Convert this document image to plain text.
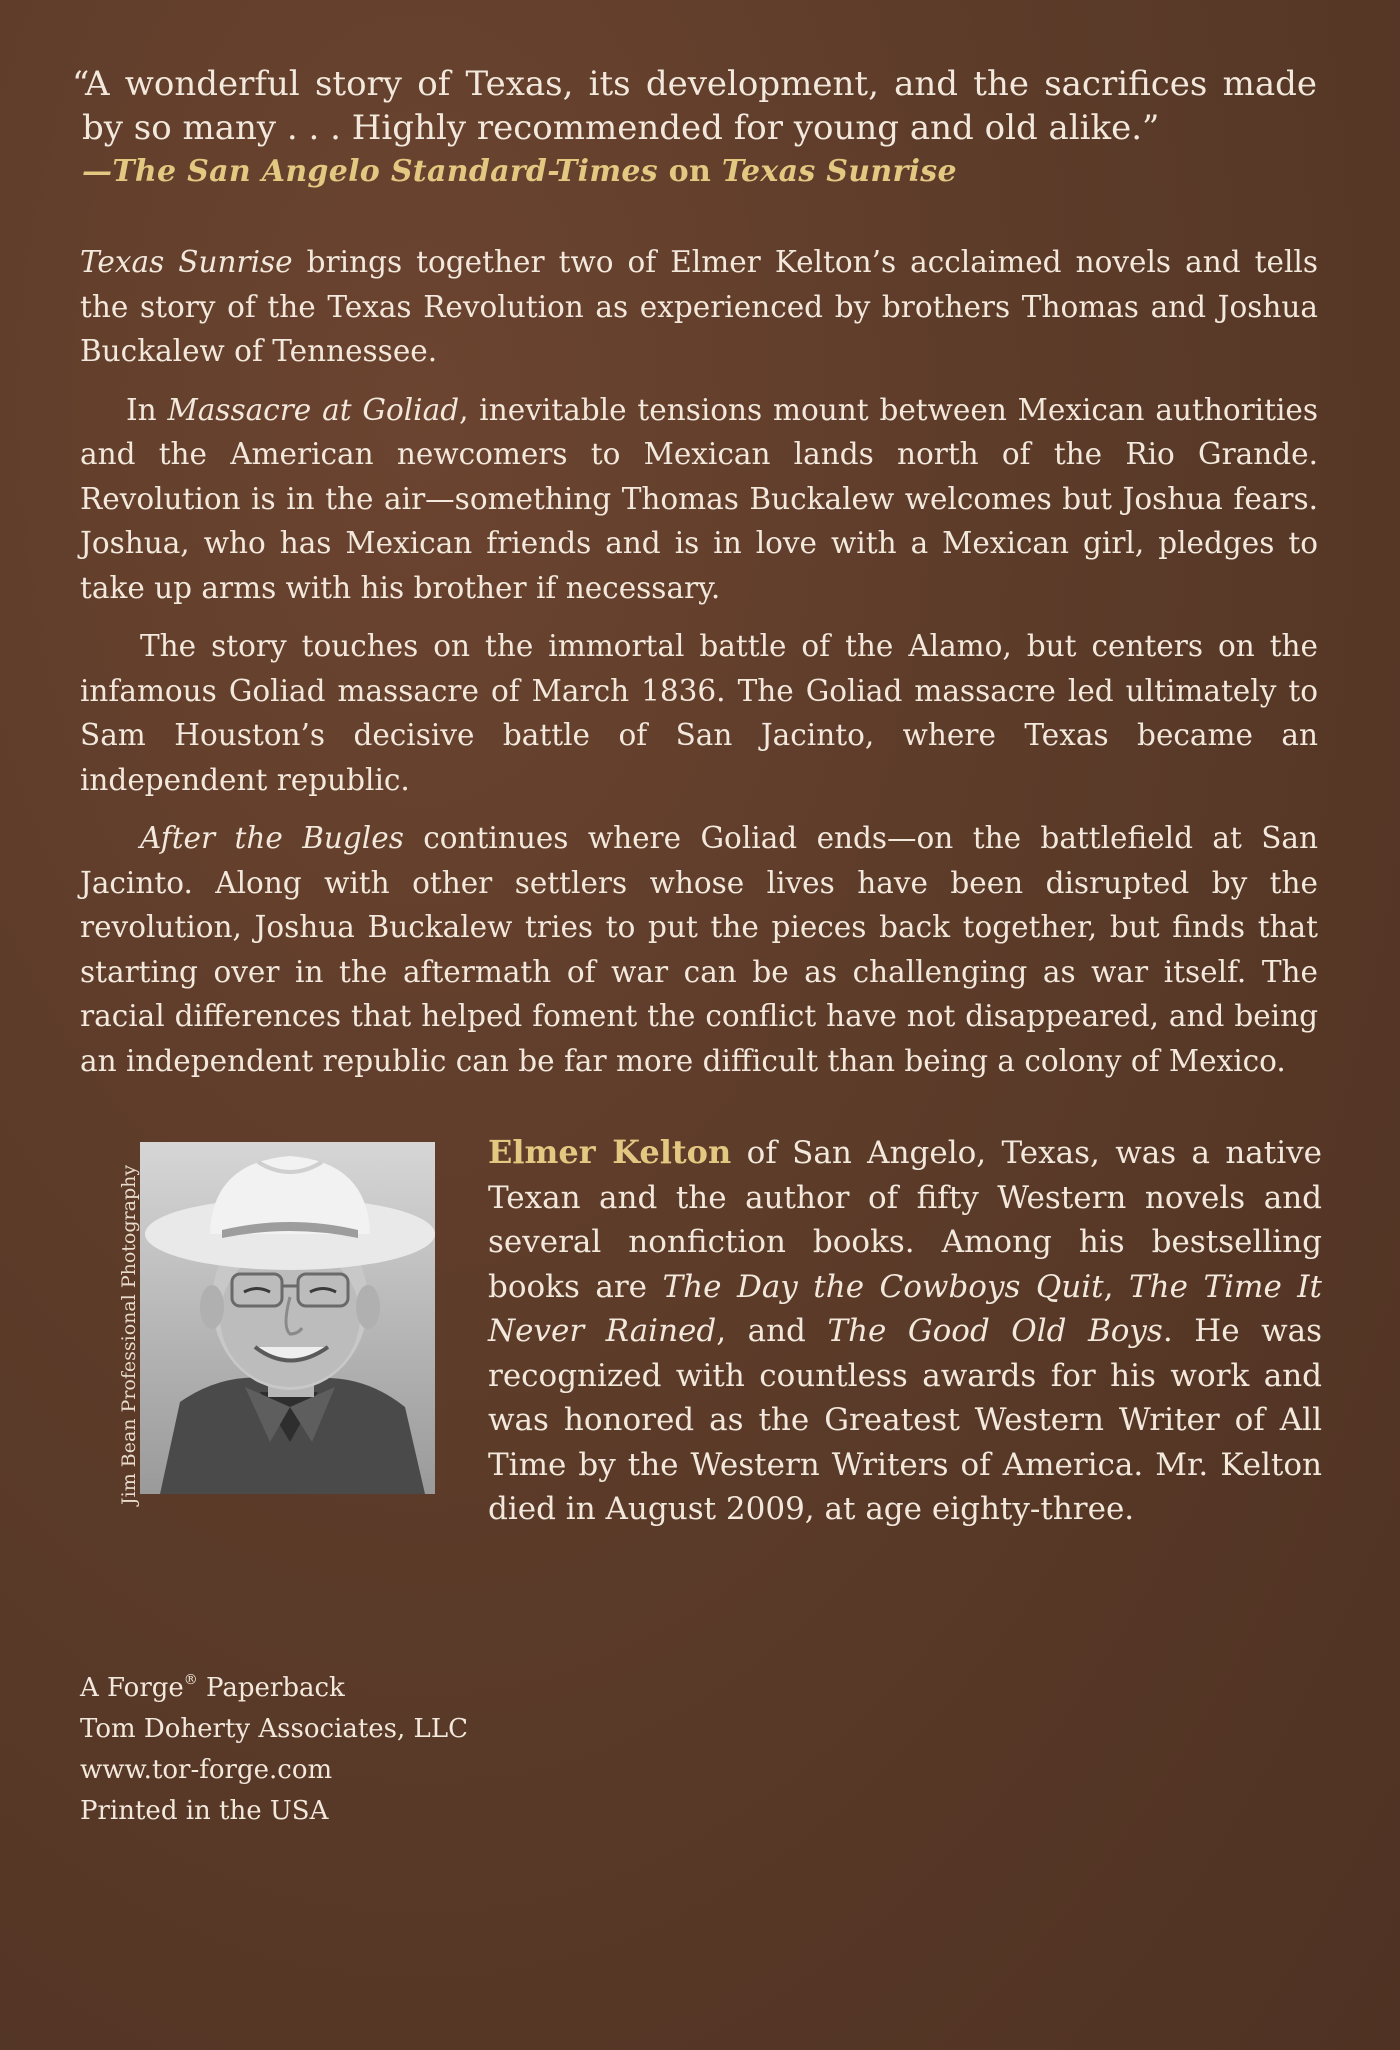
“A wonderful story of Texas, its development, and the sacrifices made by so many . . . Highly recommended for young and old alike.”
—The San Angelo Standard-Times on Texas Sunrise

Texas Sunrise brings together two of Elmer Kelton’s acclaimed novels and tells the story of the Texas Revolution as experienced by brothers Thomas and Joshua Buckalew of Tennessee.

In Massacre at Goliad, inevitable tensions mount between Mexican authorities and the American newcomers to Mexican lands north of the Rio Grande. Revolution is in the air—something Thomas Buckalew welcomes but Joshua fears. Joshua, who has Mexican friends and is in love with a Mexican girl, pledges to take up arms with his brother if necessary.

The story touches on the immortal battle of the Alamo, but centers on the infamous Goliad massacre of March 1836. The Goliad massacre led ultimately to Sam Houston’s decisive battle of San Jacinto, where Texas became an independent republic.

After the Bugles continues where Goliad ends—on the battlefield at San Jacinto. Along with other settlers whose lives have been disrupted by the revolution, Joshua Buckalew tries to put the pieces back together, but finds that starting over in the aftermath of war can be as challenging as war itself. The racial differences that helped foment the conflict have not disappeared, and being an independent republic can be far more difficult than being a colony of Mexico.

Jim Bean Professional Photography

Elmer Kelton of San Angelo, Texas, was a native Texan and the author of fifty Western novels and several nonfiction books. Among his bestselling books are The Day the Cowboys Quit, The Time It Never Rained, and The Good Old Boys. He was recognized with countless awards for his work and was honored as the Greatest Western Writer of All Time by the Western Writers of America. Mr. Kelton died in August 2009, at age eighty-three.

A Forge® Paperback
Tom Doherty Associates, LLC
www.tor-forge.com
Printed in the USA
